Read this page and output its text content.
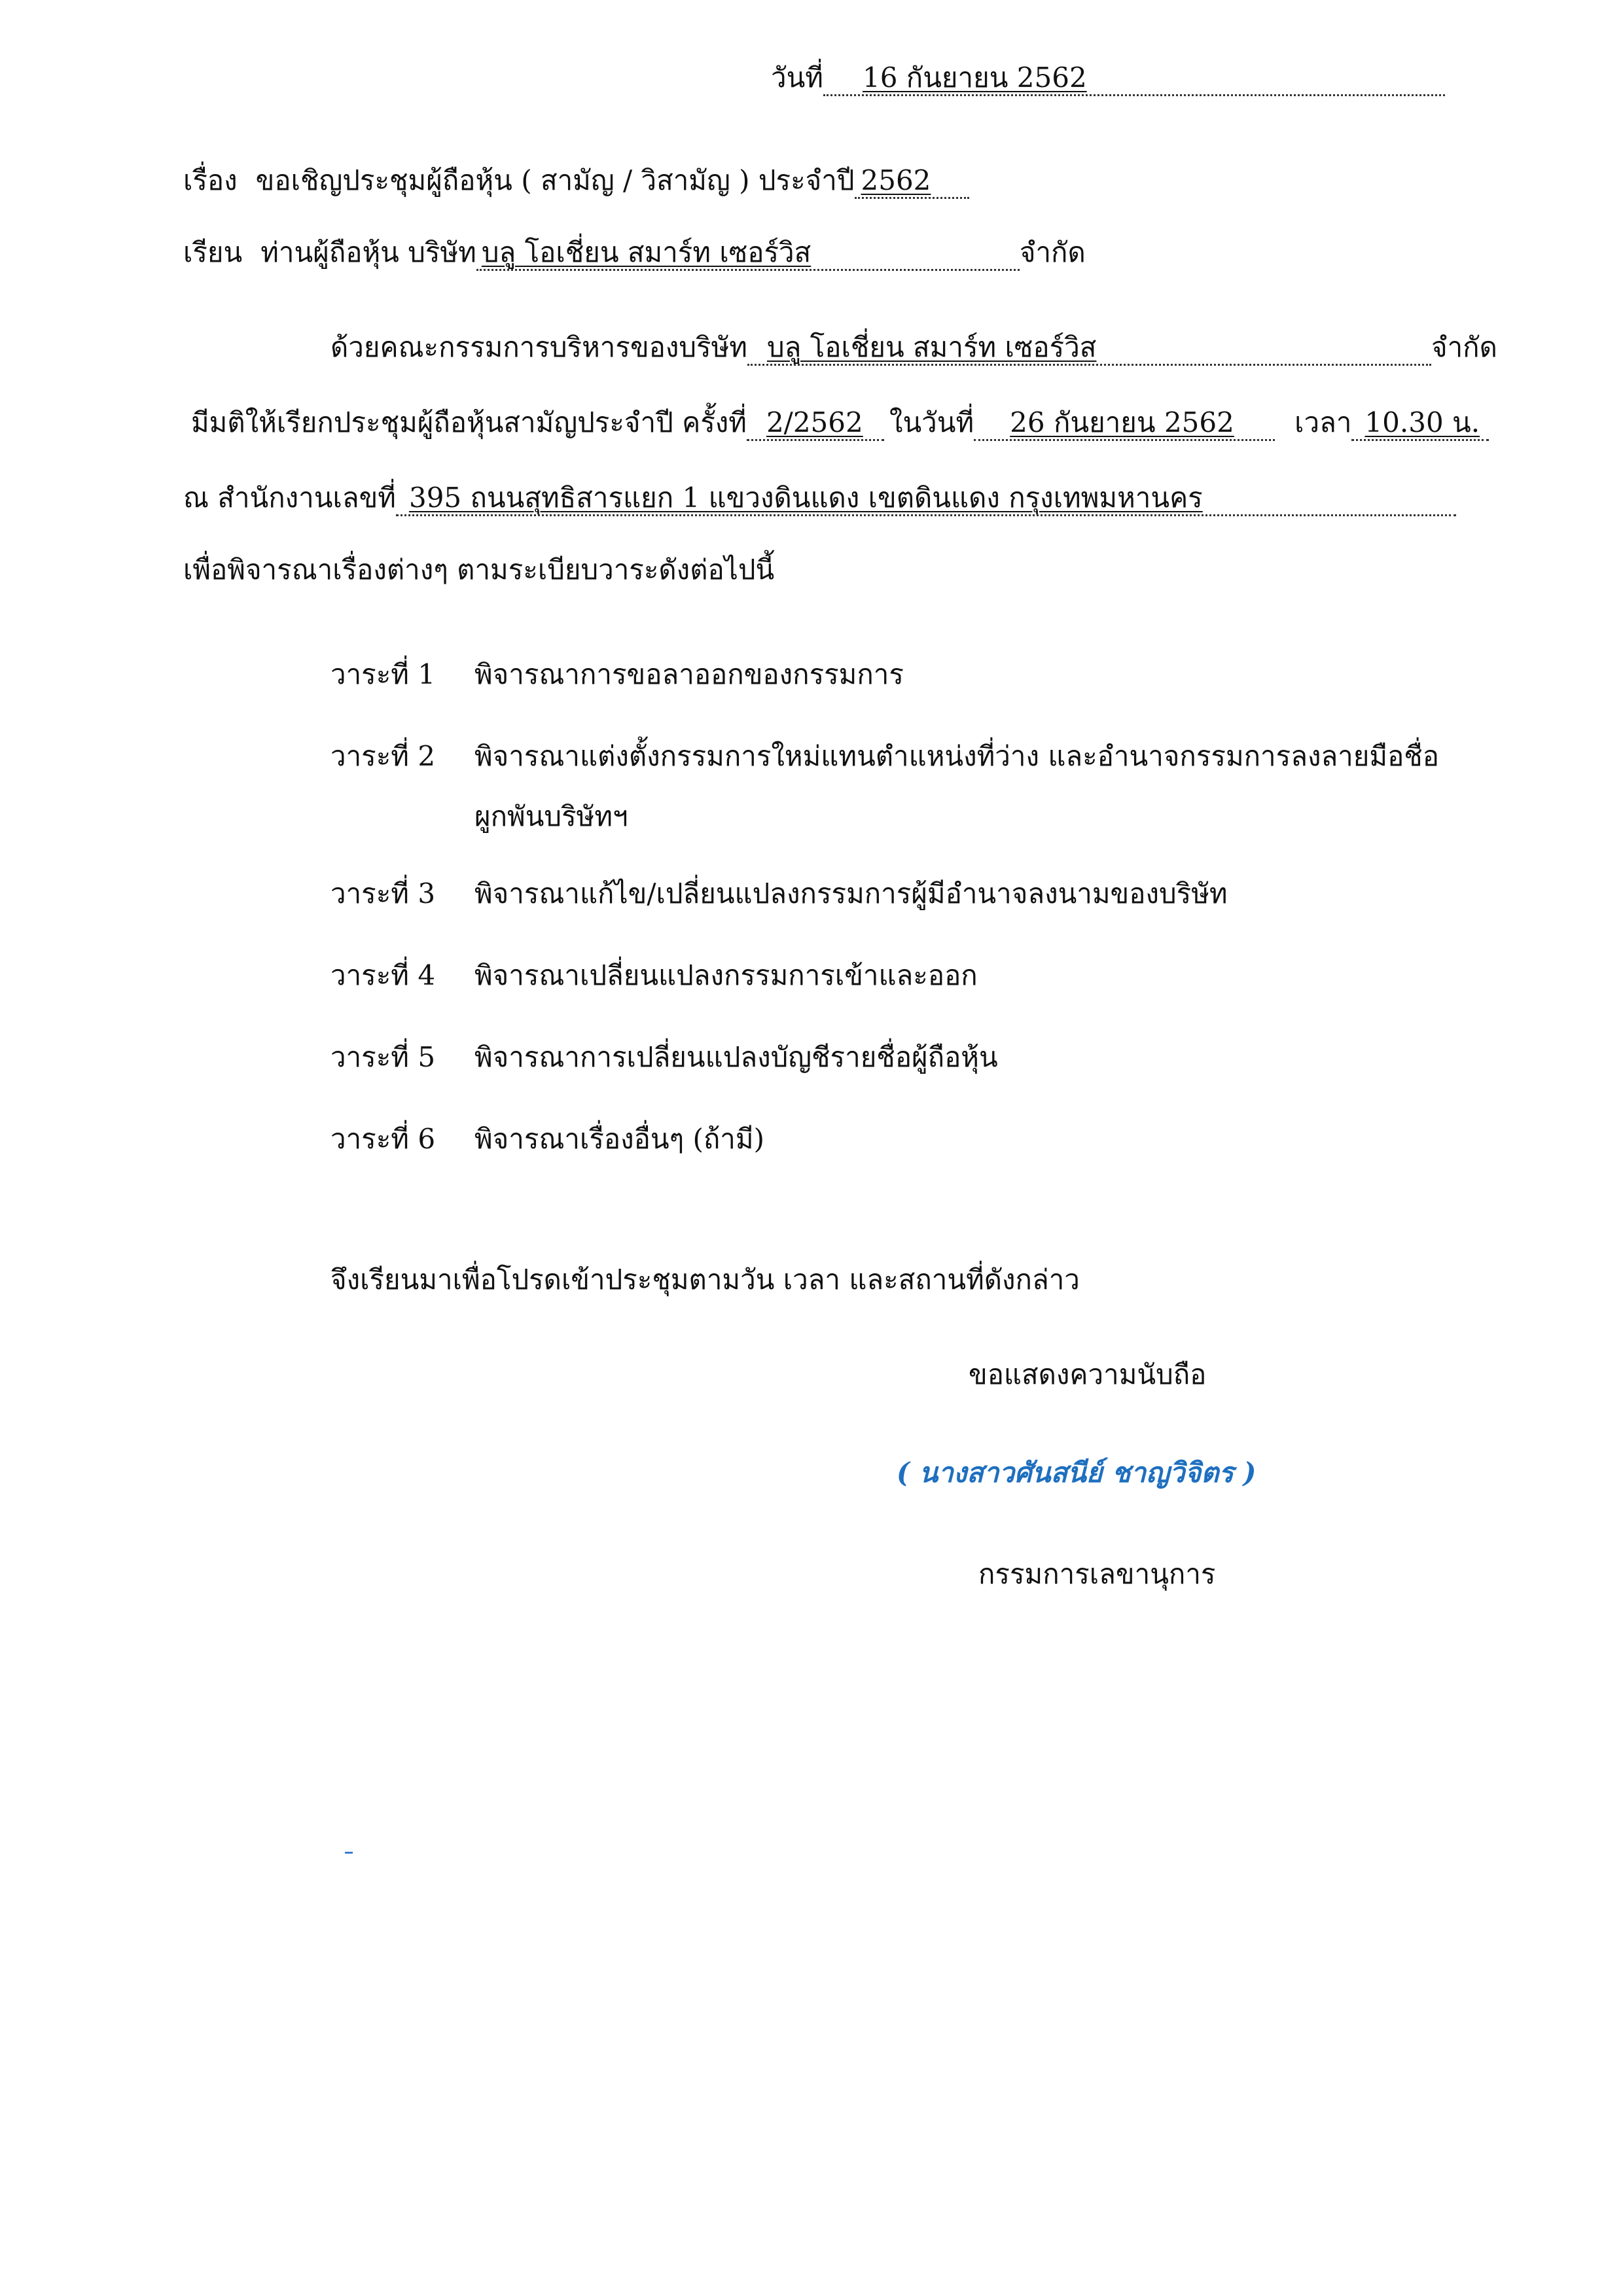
วันที่ 16 กันยายน 2562
เรื่อง ขอเชิญประชุมผู้ถือหุ้น ( สามัญ / วิสามัญ ) ประจำปี 2562
เรียน ท่านผู้ถือหุ้น บริษัท บลู โอเชี่ยน สมาร์ท เซอร์วิส	จำกัด
ด้วยคณะกรรมการบริหารของบริษัท บลู โอเชี่ยน สมาร์ท เซอร์วิส	จำกัด
มีมติให้เรียกประชุมผู้ถือหุ้นสามัญประจำปี ครั้งที่ 2/2562 ในวันที่ 26 กันยายน 2562 เวลา 10.30 น.
ณ สำนักงานเลขที่ 395 ถนนสุทธิสารแยก 1 แขวงดินแดง เขตดินแดง กรุงเทพมหานคร
เพื่อพิจารณาเรื่องต่างๆ ตามระเบียบวาระดังต่อไปนี้
วาระที่ 1 พิจารณาการขอลาออกของกรรมการ
วาระที่ 2 พิจารณาแต่งตั้งกรรมการใหม่แทนตำแหน่งที่ว่าง และอำนาจกรรมการลงลายมือชื่อ
ผูกพันบริษัทฯ
วาระที่ 3 พิจารณาแก้ไข/เปลี่ยนแปลงกรรมการผู้มีอำนาจลงนามของบริษัท
วาระที่ 4 พิจารณาเปลี่ยนแปลงกรรมการเข้าและออก
วาระที่ 5 พิจารณาการเปลี่ยนแปลงบัญชีรายชื่อผู้ถือหุ้น
วาระที่ 6 พิจารณาเรื่องอื่นๆ (ถ้ามี)
จึงเรียนมาเพื่อโปรดเข้าประชุมตามวัน เวลา และสถานที่ดังกล่าว
ขอแสดงความนับถือ
( นางสาวศันสนีย์ ชาญวิจิตร )
กรรมการเลขานุการ
